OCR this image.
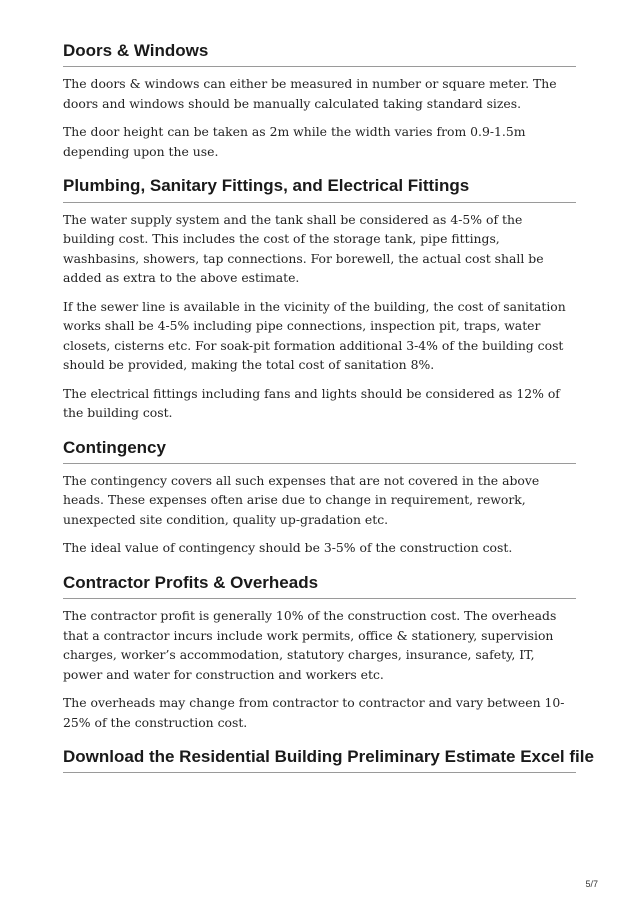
Doors & Windows

The doors & windows can either be measured in number or square meter. The doors and windows should be manually calculated taking standard sizes.

The door height can be taken as 2m while the width varies from 0.9-1.5m depending upon the use.

Plumbing, Sanitary Fittings, and Electrical Fittings

The water supply system and the tank shall be considered as 4-5% of the building cost. This includes the cost of the storage tank, pipe fittings, washbasins, showers, tap connections. For borewell, the actual cost shall be added as extra to the above estimate.

If the sewer line is available in the vicinity of the building, the cost of sanitation works shall be 4-5% including pipe connections, inspection pit, traps, water closets, cisterns etc. For soak-pit formation additional 3-4% of the building cost should be provided, making the total cost of sanitation 8%.

The electrical fittings including fans and lights should be considered as 12% of the building cost.

Contingency

The contingency covers all such expenses that are not covered in the above heads. These expenses often arise due to change in requirement, rework, unexpected site condition, quality up-gradation etc.

The ideal value of contingency should be 3-5% of the construction cost.

Contractor Profits & Overheads

The contractor profit is generally 10% of the construction cost. The overheads that a contractor incurs include work permits, office & stationery, supervision charges, worker’s accommodation, statutory charges, insurance, safety, IT, power and water for construction and workers etc.

The overheads may change from contractor to contractor and vary between 10-25% of the construction cost.

Download the Residential Building Preliminary Estimate Excel file
5/7
